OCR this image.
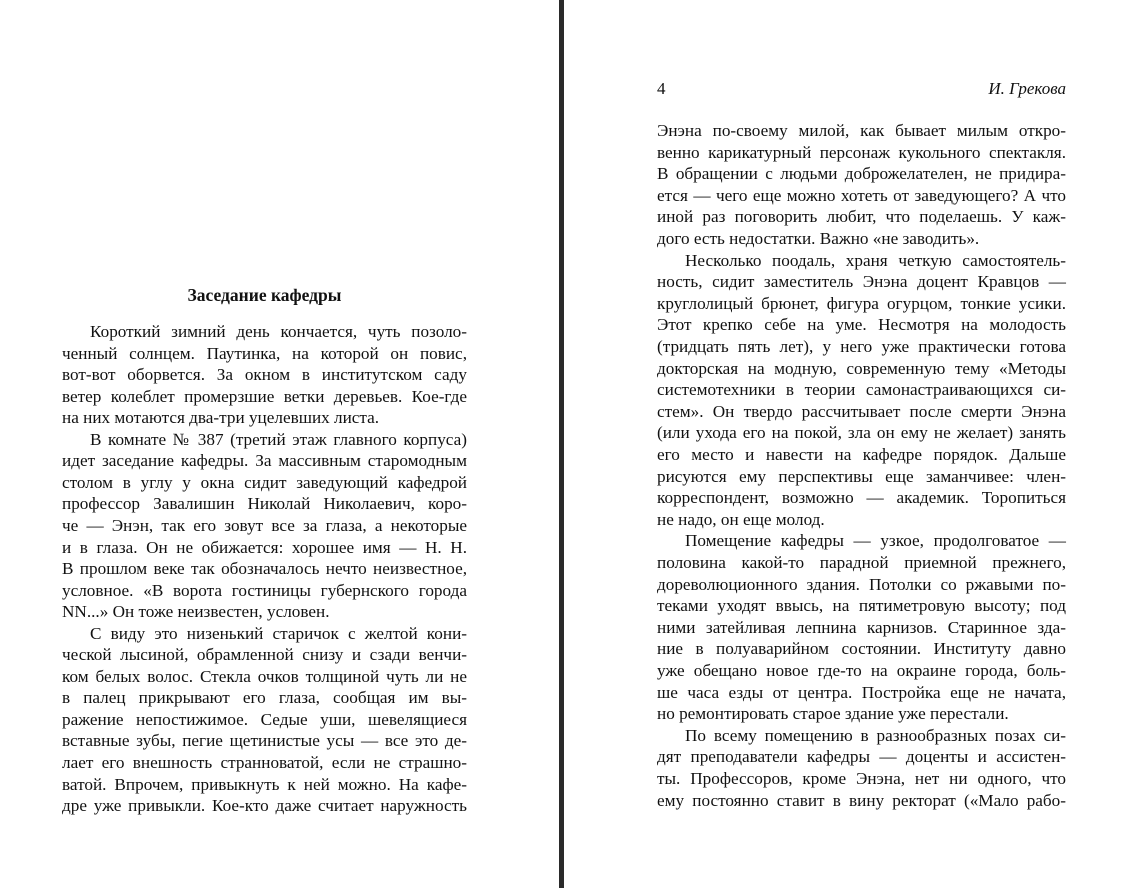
Заседание кафедры
Короткий зимний день кончается, чуть позоло-
ченный солнцем. Паутинка, на которой он повис,
вот-вот оборвется. За окном в институтском саду
ветер колеблет промерзшие ветки деревьев. Кое-где
на них мотаются два-три уцелевших листа.
В комнате № 387 (третий этаж главного корпуса)
идет заседание кафедры. За массивным старомодным
столом в углу у окна сидит заведующий кафедрой
профессор Завалишин Николай Николаевич, коро-
че — Энэн, так его зовут все за глаза, а некоторые
и в глаза. Он не обижается: хорошее имя — Н. Н.
В прошлом веке так обозначалось нечто неизвестное,
условное. «В ворота гостиницы губернского города
NN...» Он тоже неизвестен, условен.
С виду это низенький старичок с желтой кони-
ческой лысиной, обрамленной снизу и сзади венчи-
ком белых волос. Стекла очков толщиной чуть ли не
в палец прикрывают его глаза, сообщая им вы-
ражение непостижимое. Седые уши, шевелящиеся
вставные зубы, пегие щетинистые усы — все это де-
лает его внешность странноватой, если не страшно-
ватой. Впрочем, привыкнуть к ней можно. На кафе-
дре уже привыкли. Кое-кто даже считает наружность
4	И. Грекова
Энэна по-своему милой, как бывает милым откро-
венно карикатурный персонаж кукольного спектакля.
В обращении с людьми доброжелателен, не придира-
ется — чего еще можно хотеть от заведующего? А что
иной раз поговорить любит, что поделаешь. У каж-
дого есть недостатки. Важно «не заводить».
Несколько поодаль, храня четкую самостоятель-
ность, сидит заместитель Энэна доцент Кравцов —
круглолицый брюнет, фигура огурцом, тонкие усики.
Этот крепко себе на уме. Несмотря на молодость
(тридцать пять лет), у него уже практически готова
докторская на модную, современную тему «Методы
системотехники в теории самонастраивающихся си-
стем». Он твердо рассчитывает после смерти Энэна
(или ухода его на покой, зла он ему не желает) занять
его место и навести на кафедре порядок. Дальше
рисуются ему перспективы еще заманчивее: член-
корреспондент, возможно — академик. Торопиться
не надо, он еще молод.
Помещение кафедры — узкое, продолговатое —
половина какой-то парадной приемной прежнего,
дореволюционного здания. Потолки со ржавыми по-
теками уходят ввысь, на пятиметровую высоту; под
ними затейливая лепнина карнизов. Старинное зда-
ние в полуаварийном состоянии. Институту давно
уже обещано новое где-то на окраине города, боль-
ше часа езды от центра. Постройка еще не начата,
но ремонтировать старое здание уже перестали.
По всему помещению в разнообразных позах си-
дят преподаватели кафедры — доценты и ассистен-
ты. Профессоров, кроме Энэна, нет ни одного, что
ему постоянно ставит в вину ректорат («Мало рабо-
